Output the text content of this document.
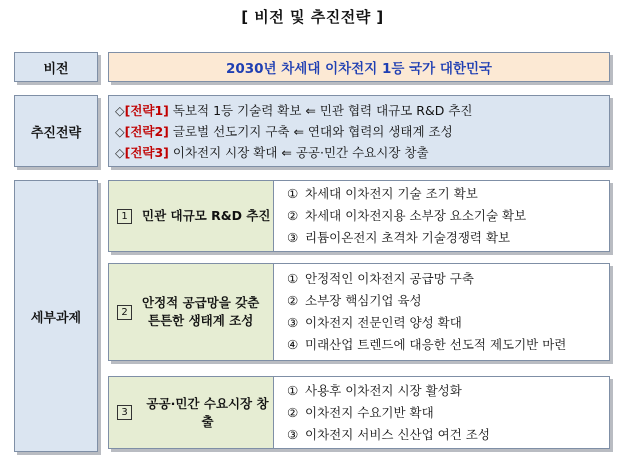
[ 비전 및 추진전략 ]
비전	2030년 차세대 이차전지 1등 국가 대한민국
추진전략
◇[전략1] 독보적 1등 기술력 확보 ⇐ 민관 협력 대규모 R&D 추진
◇[전략2] 글로벌 선도기지 구축 ⇐ 연대와 협력의 생태계 조성
◇[전략3] 이차전지 시장 확대 ⇐ 공공·민간 수요시장 창출
세부과제
1	민관 대규모 R&D 추진
① 차세대 이차전지 기술 조기 확보
② 차세대 이차전지용 소부장 요소기술 확보
③ 리튬이온전지 초격차 기술경쟁력 확보
2
안정적 공급망을 갖춘
튼튼한 생태계 조성
① 안정적인 이차전지 공급망 구축
② 소부장 핵심기업 육성
③ 이차전지 전문인력 양성 확대
④ 미래산업 트렌드에 대응한 선도적 제도기반 마련
3
공공·민간 수요시장 창출
① 사용후 이차전지 시장 활성화
② 이차전지 수요기반 확대
③ 이차전지 서비스 신산업 여건 조성
